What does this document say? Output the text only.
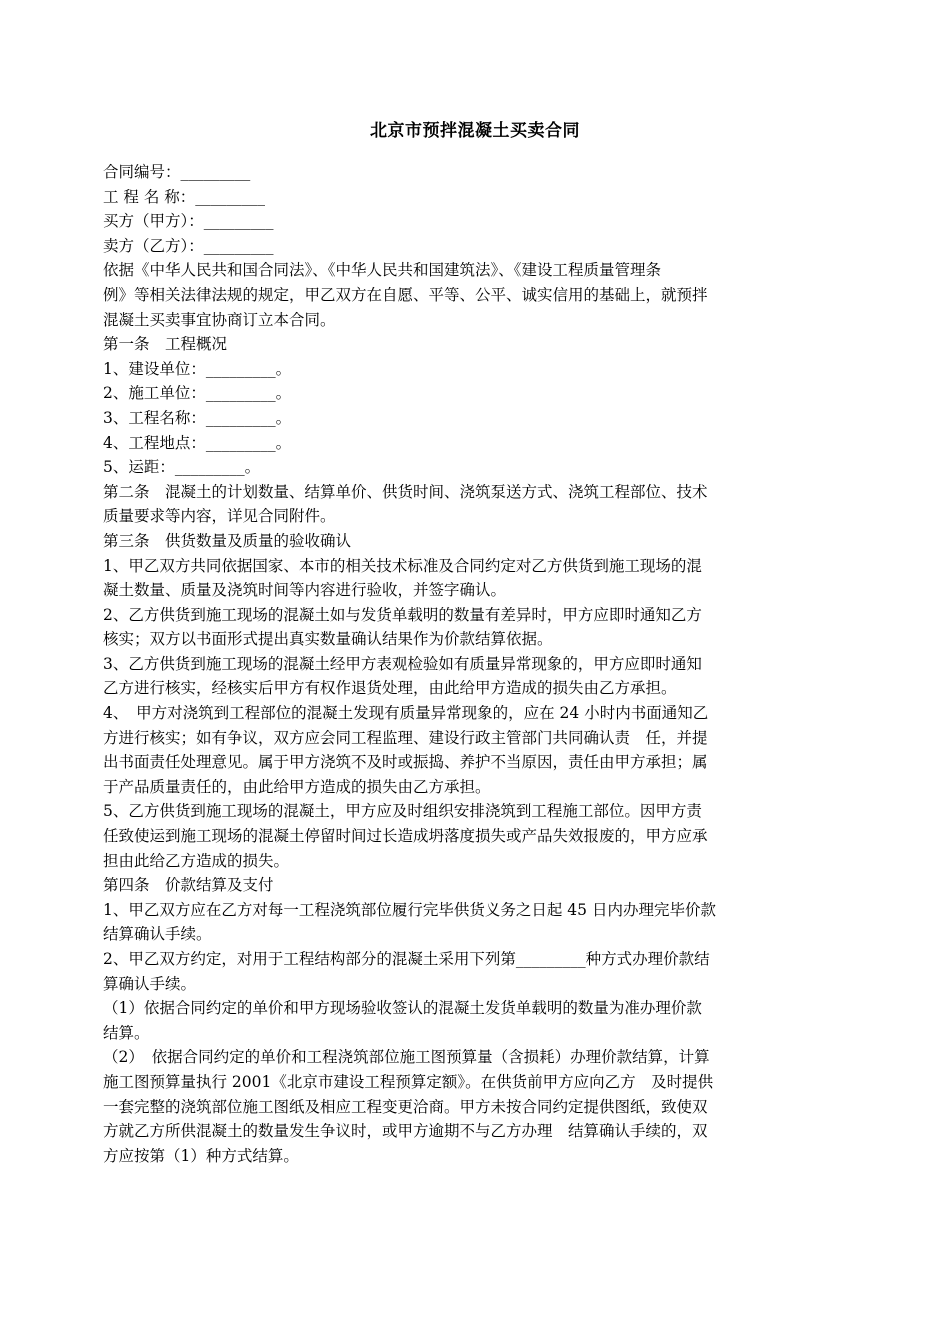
北京市预拌混凝土买卖合同
合同编号：_________
工 程 名 称：_________
买方（甲方）：_________
卖方（乙方）：_________
依据《中华人民共和国合同法》、《中华人民共和国建筑法》、《建设工程质量管理条
例》等相关法律法规的规定，甲乙双方在自愿、平等、公平、诚实信用的基础上，就预拌
混凝土买卖事宜协商订立本合同。
第一条　工程概况
1、建设单位：_________。
2、施工单位：_________。
3、工程名称：_________。
4、工程地点：_________。
5、运距：_________。
第二条　混凝土的计划数量、结算单价、供货时间、浇筑泵送方式、浇筑工程部位、技术
质量要求等内容，详见合同附件。
第三条　供货数量及质量的验收确认
1、甲乙双方共同依据国家、本市的相关技术标准及合同约定对乙方供货到施工现场的混
凝土数量、质量及浇筑时间等内容进行验收，并签字确认。
2、乙方供货到施工现场的混凝土如与发货单载明的数量有差异时，甲方应即时通知乙方
核实；双方以书面形式提出真实数量确认结果作为价款结算依据。
3、乙方供货到施工现场的混凝土经甲方表观检验如有质量异常现象的，甲方应即时通知
乙方进行核实，经核实后甲方有权作退货处理，由此给甲方造成的损失由乙方承担。
4、　甲方对浇筑到工程部位的混凝土发现有质量异常现象的，应在 24 小时内书面通知乙
方进行核实；如有争议，双方应会同工程监理、建设行政主管部门共同确认责　任，并提
出书面责任处理意见。属于甲方浇筑不及时或振捣、养护不当原因，责任由甲方承担；属
于产品质量责任的，由此给甲方造成的损失由乙方承担。
5、乙方供货到施工现场的混凝土，甲方应及时组织安排浇筑到工程施工部位。因甲方责
任致使运到施工现场的混凝土停留时间过长造成坍落度损失或产品失效报废的，甲方应承
担由此给乙方造成的损失。
第四条　价款结算及支付
1、甲乙双方应在乙方对每一工程浇筑部位履行完毕供货义务之日起 45 日内办理完毕价款
结算确认手续。
2、甲乙双方约定，对用于工程结构部分的混凝土采用下列第_________种方式办理价款结
算确认手续。
（1）依据合同约定的单价和甲方现场验收签认的混凝土发货单载明的数量为准办理价款
结算。
（2）　依据合同约定的单价和工程浇筑部位施工图预算量（含损耗）办理价款结算，计算
施工图预算量执行 2001《北京市建设工程预算定额》。在供货前甲方应向乙方　及时提供
一套完整的浇筑部位施工图纸及相应工程变更洽商。甲方未按合同约定提供图纸，致使双
方就乙方所供混凝土的数量发生争议时，或甲方逾期不与乙方办理　结算确认手续的，双
方应按第（1）种方式结算。
